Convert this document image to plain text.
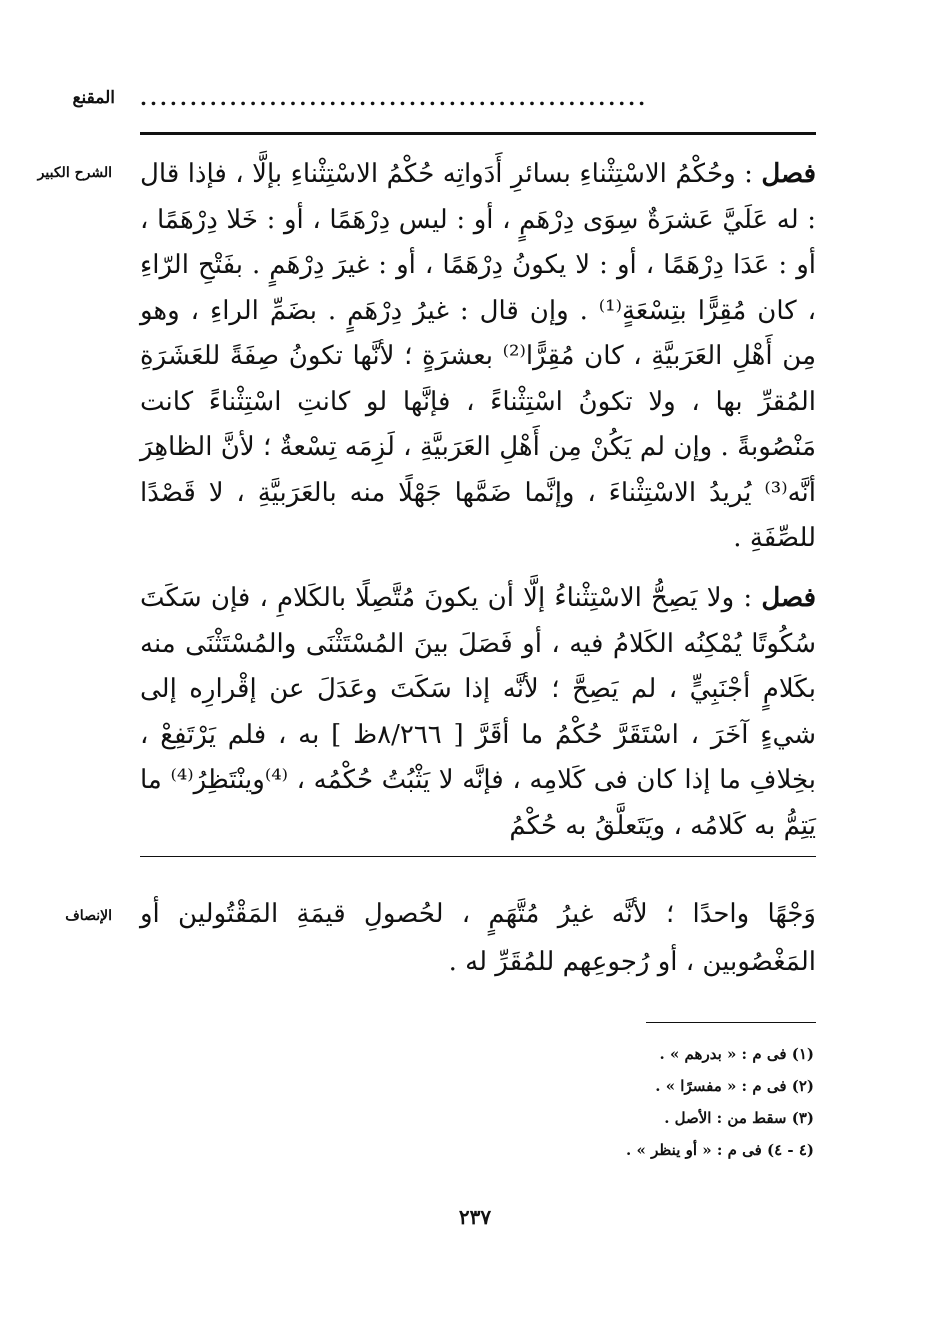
المقنع ...................................................
الشرح الكبير	فصل : وحُكْمُ الاسْتِثْناءِ بسائرِ أَدَواتِه حُكْمُ الاسْتِثْناءِ بإلَّا ، فإذا قال : له عَلَيَّ عَشرَةٌ سِوَى دِرْهَمٍ ، أو : ليس دِرْهَمًا ، أو : خَلا دِرْهَمًا ، أو : عَدَا دِرْهَمًا ، أو : لا يكونُ دِرْهَمًا ، أو : غيرَ دِرْهَمٍ . بفَتْحِ الرّاءِ ، كان مُقِرًّا بتِسْعَةٍ⁽¹⁾ . وإن قال : غيرُ دِرْهَمٍ . بضَمِّ الراءِ ، وهو مِن أَهْلِ العَرَبيَّةِ ، كان مُقِرًّا⁽²⁾ بعشرَةٍ ؛ لأنَّها تكونُ صِفَةً للعَشَرَةِ المُقرِّ بها ، ولا تكونُ اسْتِثْناءً ، فإنَّها لو كانتِ اسْتِثْناءً كانت مَنْصُوبةً . وإن لم يَكُنْ مِن أَهْلِ العَرَبيَّةِ ، لَزِمَه تِسْعةٌ ؛ لأنَّ الظاهِرَ أنَّه⁽³⁾ يُريدُ الاسْتِثْناءَ ، وإنَّما ضَمَّها جَهْلًا منه بالعَرَبيَّةِ ، لا قَصْدًا للصِّفَةِ .
فصل : ولا يَصِحُّ الاسْتِثْناءُ إلَّا أن يكونَ مُتَّصِلًا بالكَلامِ ، فإن سَكَتَ سُكُوتًا يُمْكِنُه الكَلامُ فيه ، أو فَصَلَ بينَ المُسْتَثْنَى والمُسْتَثْنَى منه بكَلامٍ أجْنَبِيٍّ ، لم يَصِحَّ ؛ لأنَّه إذا سَكَتَ وعَدَلَ عن إقْرارِه إلى شيءٍ آخَرَ ، اسْتَقَرَّ حُكْمُ ما أقَرَّ [ ٨/٢٦٦ظ ] به ، فلم يَرْتَفِعْ ، بخِلافِ ما إذا كان فى كَلامِه ، فإنَّه لا يَثْبُتُ حُكْمُه ، ⁽⁴⁾وينْتَظِرُ⁽⁴⁾ ما يَتِمُّ به كَلامُه ، ويَتَعلَّقُ به حُكْمُ
الإنصاف وَجْهًا واحدًا ؛ لأنَّه غيرُ مُتَّهَمٍ ، لحُصولِ قيمَةِ المَقْتُولين أو المَغْصُوبين ، أو رُجوعِهم للمُقَرِّ له .
(١) فى م : « بدرهم » .
(٢) فى م : « مفسرًا » .
(٣) سقط من : الأصل .
(٤ - ٤) فى م : « أو ينظر » .
٢٣٧
